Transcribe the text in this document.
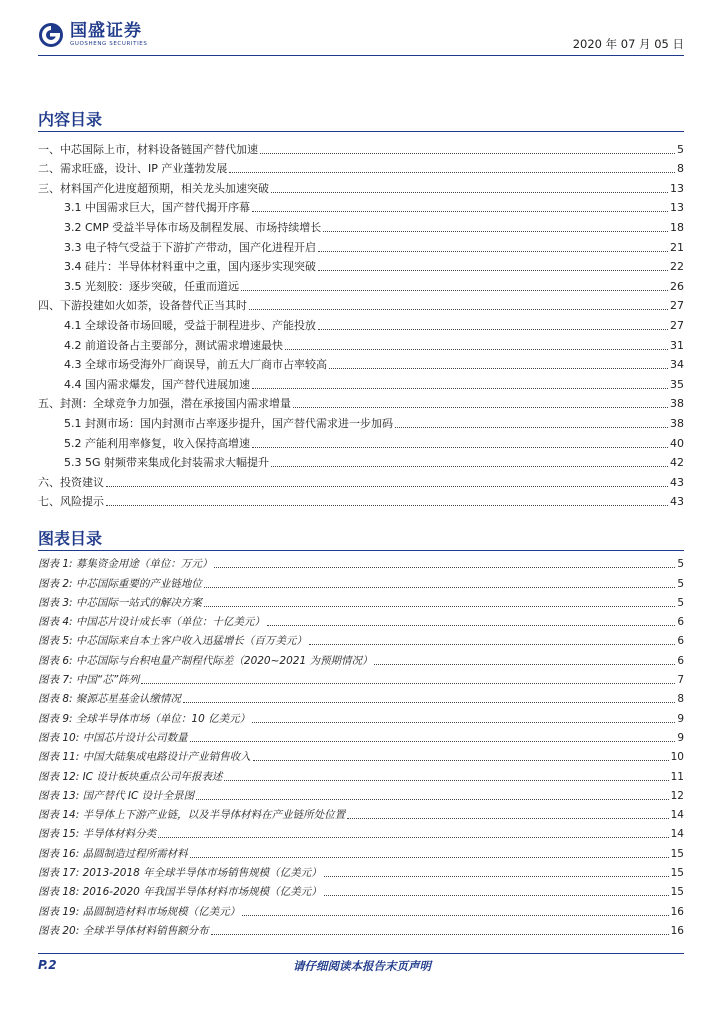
国盛证券
GUOSHENG SECURITIES	2020 年 07 月 05 日
内容目录
一、中芯国际上市，材料设备链国产替代加速	5
二、需求旺盛，设计、IP 产业蓬勃发展	8
三、材料国产化进度超预期，相关龙头加速突破	13
3.1 中国需求巨大，国产替代揭开序幕	13
3.2 CMP 受益半导体市场及制程发展、市场持续增长	18
3.3 电子特气受益于下游扩产带动，国产化进程开启	21
3.4 硅片：半导体材料重中之重，国内逐步实现突破	22
3.5 光刻胶：逐步突破，任重而道远	26
四、下游投建如火如荼，设备替代正当其时	27
4.1 全球设备市场回暖，受益于制程进步、产能投放	27
4.2 前道设备占主要部分，测试需求增速最快	31
4.3 全球市场受海外厂商误导，前五大厂商市占率较高	34
4.4 国内需求爆发，国产替代进展加速	35
五、封测：全球竞争力加强，潜在承接国内需求增量	38
5.1 封测市场：国内封测市占率逐步提升，国产替代需求进一步加码	38
5.2 产能利用率修复，收入保持高增速	40
5.3 5G 射频带来集成化封装需求大幅提升	42
六、投资建议	43
七、风险提示	43
图表目录
图表 1: 募集资金用途（单位：万元）	5
图表 2: 中芯国际重要的产业链地位	5
图表 3: 中芯国际一站式的解决方案	5
图表 4: 中国芯片设计成长率（单位：十亿美元）	6
图表 5: 中芯国际来自本土客户收入迅猛增长（百万美元）	6
图表 6: 中芯国际与台积电量产制程代际差（2020~2021 为预期情况）	6
图表 7: 中国“芯”阵列	7
图表 8: 聚源芯星基金认缴情况	8
图表 9: 全球半导体市场（单位：10 亿美元）	9
图表 10: 中国芯片设计公司数量	9
图表 11: 中国大陆集成电路设计产业销售收入	10
图表 12: IC 设计板块重点公司年报表述	11
图表 13: 国产替代 IC 设计全景图	12
图表 14: 半导体上下游产业链，以及半导体材料在产业链所处位置	14
图表 15: 半导体材料分类	14
图表 16: 晶圆制造过程所需材料	15
图表 17: 2013-2018 年全球半导体市场销售规模（亿美元）	15
图表 18: 2016-2020 年我国半导体材料市场规模（亿美元）	15
图表 19: 晶圆制造材料市场规模（亿美元）	16
图表 20: 全球半导体材料销售额分布	16
P.2	请仔细阅读本报告末页声明
